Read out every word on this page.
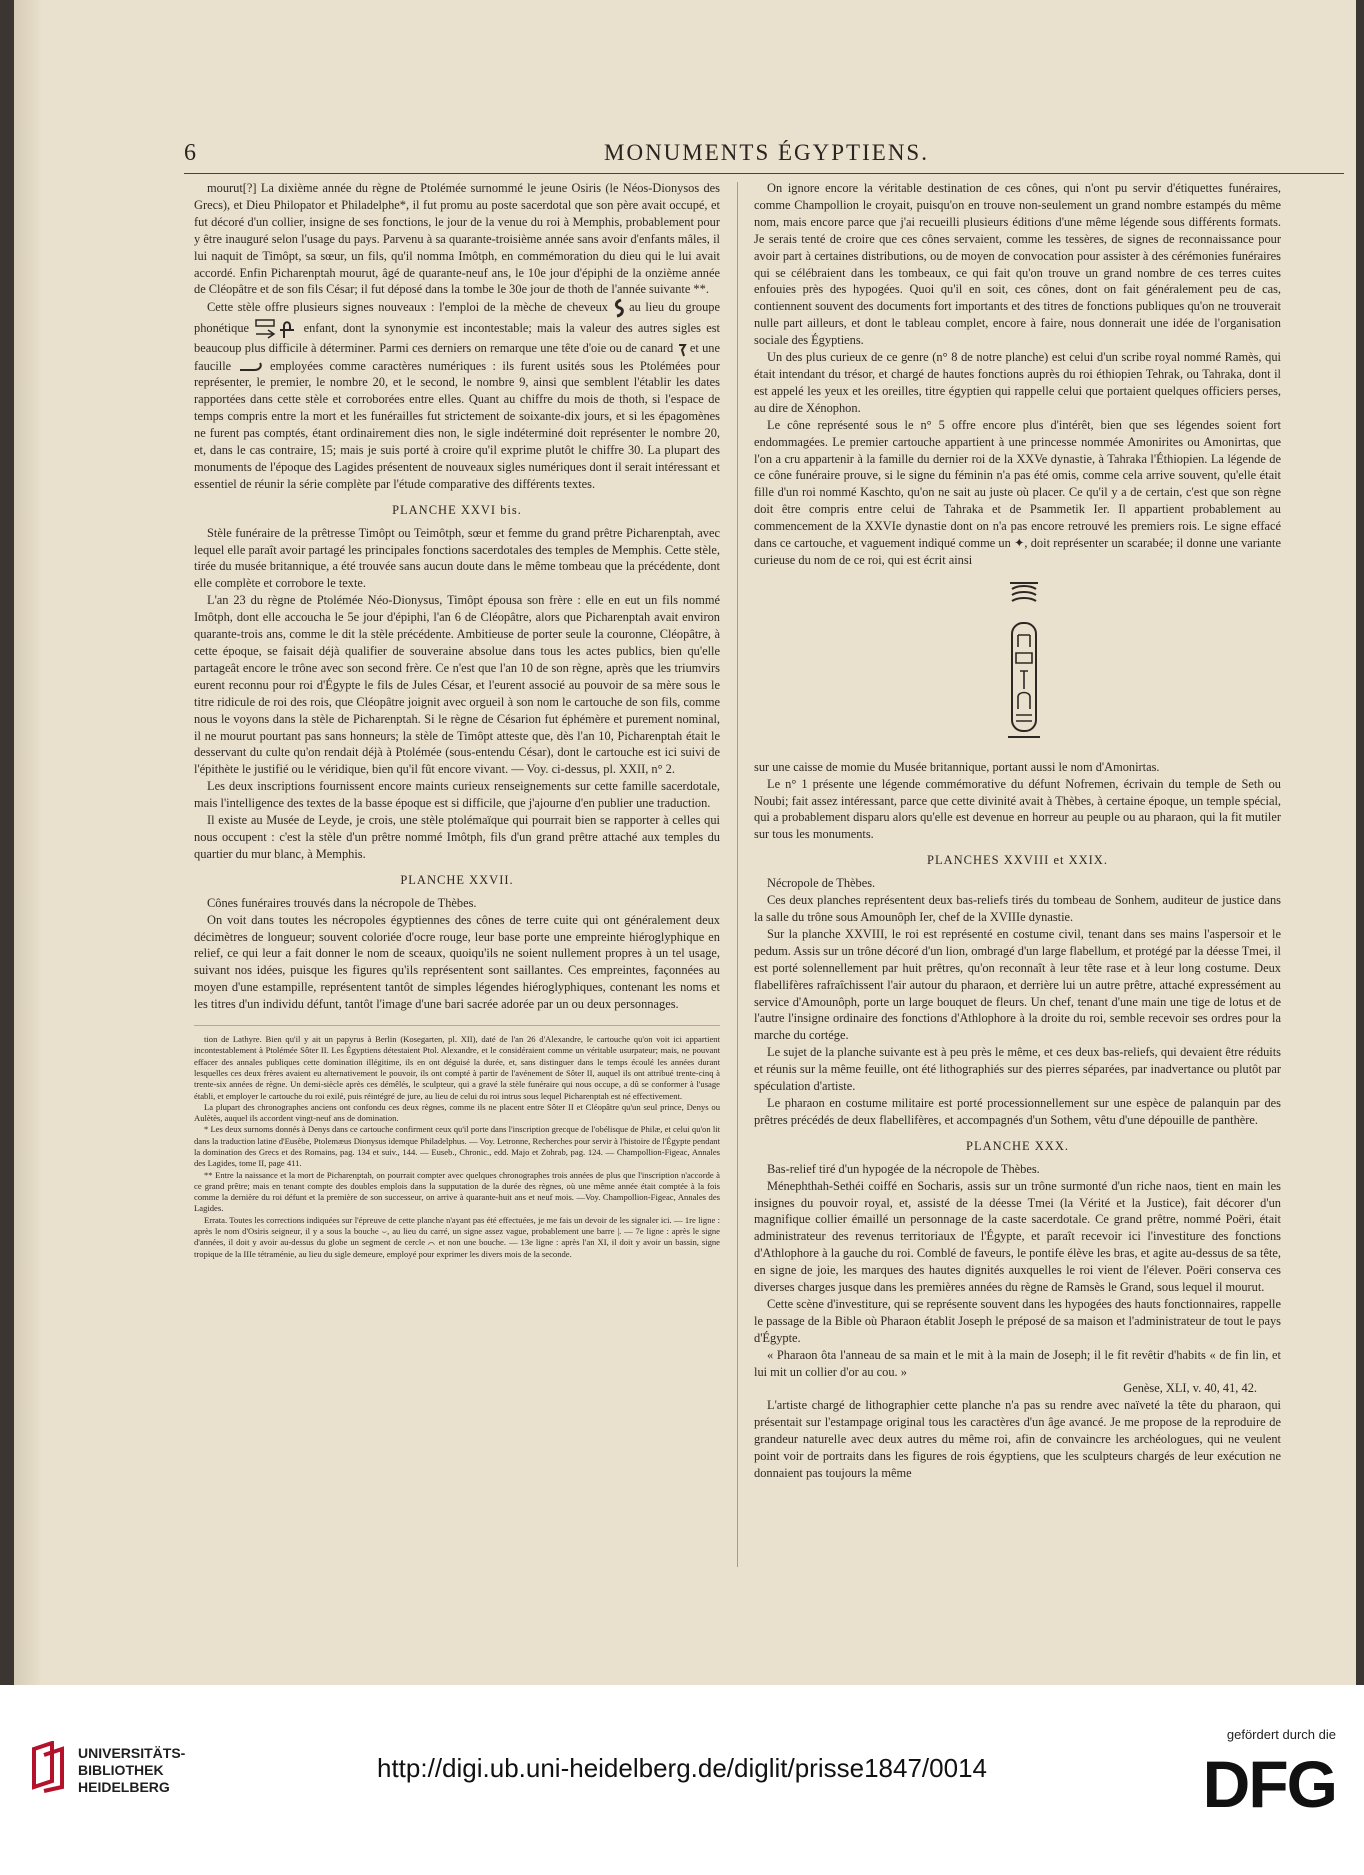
6	MONUMENTS ÉGYPTIENS.

mourut[?] La dixième année du règne de Ptolémée surnommé le jeune Osiris (le Néos-Dionysos des Grecs), et Dieu Philopator et Philadelphe*, il fut promu au poste sacerdotal que son père avait occupé, et fut décoré d'un collier, insigne de ses fonctions, le jour de la venue du roi à Memphis, probablement pour y être inauguré selon l'usage du pays. Parvenu à sa quarante-troisième année sans avoir d'enfants mâles, il lui naquit de Timôpt, sa sœur, un fils, qu'il nomma Imôtph, en commémoration du dieu qui le lui avait accordé. Enfin Picharenptah mourut, âgé de quarante-neuf ans, le 10e jour d'épiphi de la onzième année de Cléopâtre et de son fils César; il fut déposé dans la tombe le 30e jour de thoth de l'année suivante **.

Cette stèle offre plusieurs signes nouveaux : l'emploi de la mèche de cheveux au lieu du groupe phonétique	enfant, dont la synonymie est incontestable; mais la valeur des autres sigles est beaucoup plus difficile à déterminer. Parmi ces derniers on remarque une tête d'oie ou de canard et une faucille	employées comme caractères numériques : ils furent usités sous les Ptolémées pour représenter, le premier, le nombre 20, et le second, le nombre 9, ainsi que semblent l'établir les dates rapportées dans cette stèle et corroborées entre elles. Quant au chiffre du mois de thoth, si l'espace de temps compris entre la mort et les funérailles fut strictement de soixante-dix jours, et si les épagomènes ne furent pas comptés, étant ordinairement dies non, le sigle indéterminé doit représenter le nombre 20, et, dans le cas contraire, 15; mais je suis porté à croire qu'il exprime plutôt le chiffre 30. La plupart des monuments de l'époque des Lagides présentent de nouveaux sigles numériques dont il serait intéressant et essentiel de réunir la série complète par l'étude comparative des différents textes.

PLANCHE XXVI bis.

Stèle funéraire de la prêtresse Timôpt ou Teimôtph, sœur et femme du grand prêtre Picharenptah, avec lequel elle paraît avoir partagé les principales fonctions sacerdotales des temples de Memphis. Cette stèle, tirée du musée britannique, a été trouvée sans aucun doute dans le même tombeau que la précédente, dont elle complète et corrobore le texte.

L'an 23 du règne de Ptolémée Néo-Dionysus, Timôpt épousa son frère : elle en eut un fils nommé Imôtph, dont elle accoucha le 5e jour d'épiphi, l'an 6 de Cléopâtre, alors que Picharenptah avait environ quarante-trois ans, comme le dit la stèle précédente. Ambitieuse de porter seule la couronne, Cléopâtre, à cette époque, se faisait déjà qualifier de souveraine absolue dans tous les actes publics, bien qu'elle partageât encore le trône avec son second frère. Ce n'est que l'an 10 de son règne, après que les triumvirs eurent reconnu pour roi d'Égypte le fils de Jules César, et l'eurent associé au pouvoir de sa mère sous le titre ridicule de roi des rois, que Cléopâtre joignit avec orgueil à son nom le cartouche de son fils, comme nous le voyons dans la stèle de Picharenptah. Si le règne de Césarion fut éphémère et purement nominal, il ne mourut pourtant pas sans honneurs; la stèle de Timôpt atteste que, dès l'an 10, Picharenptah était le desservant du culte qu'on rendait déjà à Ptolémée (sous-entendu César), dont le cartouche est ici suivi de l'épithète le justifié ou le véridique, bien qu'il fût encore vivant. — Voy. ci-dessus, pl. XXII, n° 2.

Les deux inscriptions fournissent encore maints curieux renseignements sur cette famille sacerdotale, mais l'intelligence des textes de la basse époque est si difficile, que j'ajourne d'en publier une traduction.

Il existe au Musée de Leyde, je crois, une stèle ptolémaïque qui pourrait bien se rapporter à celles qui nous occupent : c'est la stèle d'un prêtre nommé Imôtph, fils d'un grand prêtre attaché aux temples du quartier du mur blanc, à Memphis.

PLANCHE XXVII.

Cônes funéraires trouvés dans la nécropole de Thèbes.

On voit dans toutes les nécropoles égyptiennes des cônes de terre cuite qui ont généralement deux décimètres de longueur; souvent coloriée d'ocre rouge, leur base porte une empreinte hiéroglyphique en relief, ce qui leur a fait donner le nom de sceaux, quoiqu'ils ne soient nullement propres à un tel usage, suivant nos idées, puisque les figures qu'ils représentent sont saillantes. Ces empreintes, façonnées au moyen d'une estampille, représentent tantôt de simples légendes hiéroglyphiques, contenant les noms et les titres d'un individu défunt, tantôt l'image d'une bari sacrée adorée par un ou deux personnages.

tion de Lathyre. Bien qu'il y ait un papyrus à Berlin (Kosegarten, pl. XII), daté de l'an 26 d'Alexandre, le cartouche qu'on voit ici appartient incontestablement à Ptolémée Sôter II. Les Égyptiens détestaient Ptol. Alexandre, et le considéraient comme un véritable usurpateur; mais, ne pouvant effacer des annales publiques cette domination illégitime, ils en ont déguisé la durée, et, sans distinguer dans le temps écoulé les années durant lesquelles ces deux frères avaient eu alternativement le pouvoir, ils ont compté à partir de l'avénement de Sôter II, auquel ils ont attribué trente-cinq à trente-six années de règne. Un demi-siècle après ces démêlés, le sculpteur, qui a gravé la stèle funéraire qui nous occupe, a dû se conformer à l'usage établi, et employer le cartouche du roi exilé, puis réintégré de jure, au lieu de celui du roi intrus sous lequel Picharenptah est né effectivement.

La plupart des chronographes anciens ont confondu ces deux règnes, comme ils ne placent entre Sôter II et Cléopâtre qu'un seul prince, Denys ou Aulètès, auquel ils accordent vingt-neuf ans de domination.

* Les deux surnoms donnés à Denys dans ce cartouche confirment ceux qu'il porte dans l'inscription grecque de l'obélisque de Philæ, et celui qu'on lit dans la traduction latine d'Eusèbe, Ptolemæus Dionysus idemque Philadelphus. — Voy. Letronne, Recherches pour servir à l'histoire de l'Égypte pendant la domination des Grecs et des Romains, pag. 134 et suiv., 144. — Euseb., Chronic., edd. Majo et Zohrab, pag. 124. — Champollion-Figeac, Annales des Lagides, tome II, page 411.

** Entre la naissance et la mort de Picharenptah, on pourrait compter avec quelques chronographes trois années de plus que l'inscription n'accorde à ce grand prêtre; mais en tenant compte des doubles emplois dans la supputation de la durée des règnes, où une même année était comptée à la fois comme la dernière du roi défunt et la première de son successeur, on arrive à quarante-huit ans et neuf mois. —Voy. Champollion-Figeac, Annales des Lagides.

Errata. Toutes les corrections indiquées sur l'épreuve de cette planche n'ayant pas été effectuées, je me fais un devoir de les signaler ici. — 1re ligne : après le nom d'Osiris seigneur, il y a sous la bouche ⌣, au lieu du carré, un signe assez vague, probablement une barre |. — 7e ligne : après le signe d'années, il doit y avoir au-dessus du globe un segment de cercle ⌒ et non une bouche. — 13e ligne : après l'an XI, il doit y avoir un bassin, signe tropique de la IIIe tétraménie, au lieu du sigle demeure, employé pour exprimer les divers mois de la seconde.

On ignore encore la véritable destination de ces cônes, qui n'ont pu servir d'étiquettes funéraires, comme Champollion le croyait, puisqu'on en trouve non-seulement un grand nombre estampés du même nom, mais encore parce que j'ai recueilli plusieurs éditions d'une même légende sous différents formats. Je serais tenté de croire que ces cônes servaient, comme les tessères, de signes de reconnaissance pour avoir part à certaines distributions, ou de moyen de convocation pour assister à des cérémonies funéraires qui se célébraient dans les tombeaux, ce qui fait qu'on trouve un grand nombre de ces terres cuites enfouies près des hypogées. Quoi qu'il en soit, ces cônes, dont on fait généralement peu de cas, contiennent souvent des documents fort importants et des titres de fonctions publiques qu'on ne trouverait nulle part ailleurs, et dont le tableau complet, encore à faire, nous donnerait une idée de l'organisation sociale des Égyptiens.

Un des plus curieux de ce genre (n° 8 de notre planche) est celui d'un scribe royal nommé Ramès, qui était intendant du trésor, et chargé de hautes fonctions auprès du roi éthiopien Tehrak, ou Tahraka, dont il est appelé les yeux et les oreilles, titre égyptien qui rappelle celui que portaient quelques officiers perses, au dire de Xénophon.

Le cône représenté sous le n° 5 offre encore plus d'intérêt, bien que ses légendes soient fort endommagées. Le premier cartouche appartient à une princesse nommée Amonirites ou Amonirtas, que l'on a cru appartenir à la famille du dernier roi de la XXVe dynastie, à Tahraka l'Éthiopien. La légende de ce cône funéraire prouve, si le signe du féminin n'a pas été omis, comme cela arrive souvent, qu'elle était fille d'un roi nommé Kaschto, qu'on ne sait au juste où placer. Ce qu'il y a de certain, c'est que son règne doit être compris entre celui de Tahraka et de Psammetik Ier. Il appartient probablement au commencement de la XXVIe dynastie dont on n'a pas encore retrouvé les premiers rois. Le signe effacé dans ce cartouche, et vaguement indiqué comme un ✦, doit représenter un scarabée; il donne une variante curieuse du nom de ce roi, qui est écrit ainsi

sur une caisse de momie du Musée britannique, portant aussi le nom d'Amonirtas.

Le n° 1 présente une légende commémorative du défunt Nofremen, écrivain du temple de Seth ou Noubi; fait assez intéressant, parce que cette divinité avait à Thèbes, à certaine époque, un temple spécial, qui a probablement disparu alors qu'elle est devenue en horreur au peuple ou au pharaon, qui la fit mutiler sur tous les monuments.

PLANCHES XXVIII et XXIX.

Nécropole de Thèbes.

Ces deux planches représentent deux bas-reliefs tirés du tombeau de Sonhem, auditeur de justice dans la salle du trône sous Amounôph Ier, chef de la XVIIIe dynastie.

Sur la planche XXVIII, le roi est représenté en costume civil, tenant dans ses mains l'aspersoir et le pedum. Assis sur un trône décoré d'un lion, ombragé d'un large flabellum, et protégé par la déesse Tmei, il est porté solennellement par huit prêtres, qu'on reconnaît à leur tête rase et à leur long costume. Deux flabellifères rafraîchissent l'air autour du pharaon, et derrière lui un autre prêtre, attaché expressément au service d'Amounôph, porte un large bouquet de fleurs. Un chef, tenant d'une main une tige de lotus et de l'autre l'insigne ordinaire des fonctions d'Athlophore à la droite du roi, semble recevoir ses ordres pour la marche du cortége.

Le sujet de la planche suivante est à peu près le même, et ces deux bas-reliefs, qui devaient être réduits et réunis sur la même feuille, ont été lithographiés sur des pierres séparées, par inadvertance ou plutôt par spéculation d'artiste.

Le pharaon en costume militaire est porté processionnellement sur une espèce de palanquin par des prêtres précédés de deux flabellifères, et accompagnés d'un Sothem, vêtu d'une dépouille de panthère.

PLANCHE XXX.

Bas-relief tiré d'un hypogée de la nécropole de Thèbes.

Ménephthah-Sethéi coiffé en Socharis, assis sur un trône surmonté d'un riche naos, tient en main les insignes du pouvoir royal, et, assisté de la déesse Tmei (la Vérité et la Justice), fait décorer d'un magnifique collier émaillé un personnage de la caste sacerdotale. Ce grand prêtre, nommé Poëri, était administrateur des revenus territoriaux de l'Égypte, et paraît recevoir ici l'investiture des fonctions d'Athlophore à la gauche du roi. Comblé de faveurs, le pontife élève les bras, et agite au-dessus de sa tête, en signe de joie, les marques des hautes dignités auxquelles le roi vient de l'élever. Poëri conserva ces diverses charges jusque dans les premières années du règne de Ramsès le Grand, sous lequel il mourut.

Cette scène d'investiture, qui se représente souvent dans les hypogées des hauts fonctionnaires, rappelle le passage de la Bible où Pharaon établit Joseph le préposé de sa maison et l'administrateur de tout le pays d'Égypte.

« Pharaon ôta l'anneau de sa main et le mit à la main de Joseph; il le fit revêtir d'habits « de fin lin, et lui mit un collier d'or au cou. »

Genèse, XLI, v. 40, 41, 42.

L'artiste chargé de lithographier cette planche n'a pas su rendre avec naïveté la tête du pharaon, qui présentait sur l'estampage original tous les caractères d'un âge avancé. Je me propose de la reproduire de grandeur naturelle avec deux autres du même roi, afin de convaincre les archéologues, qui ne veulent point voir de portraits dans les figures de rois égyptiens, que les sculpteurs chargés de leur exécution ne donnaient pas toujours la même

UNIVERSITÄTS-
BIBLIOTHEK
HEIDELBERG
http://digi.ub.uni-heidelberg.de/diglit/prisse1847/0014
gefördert durch die
DFG
